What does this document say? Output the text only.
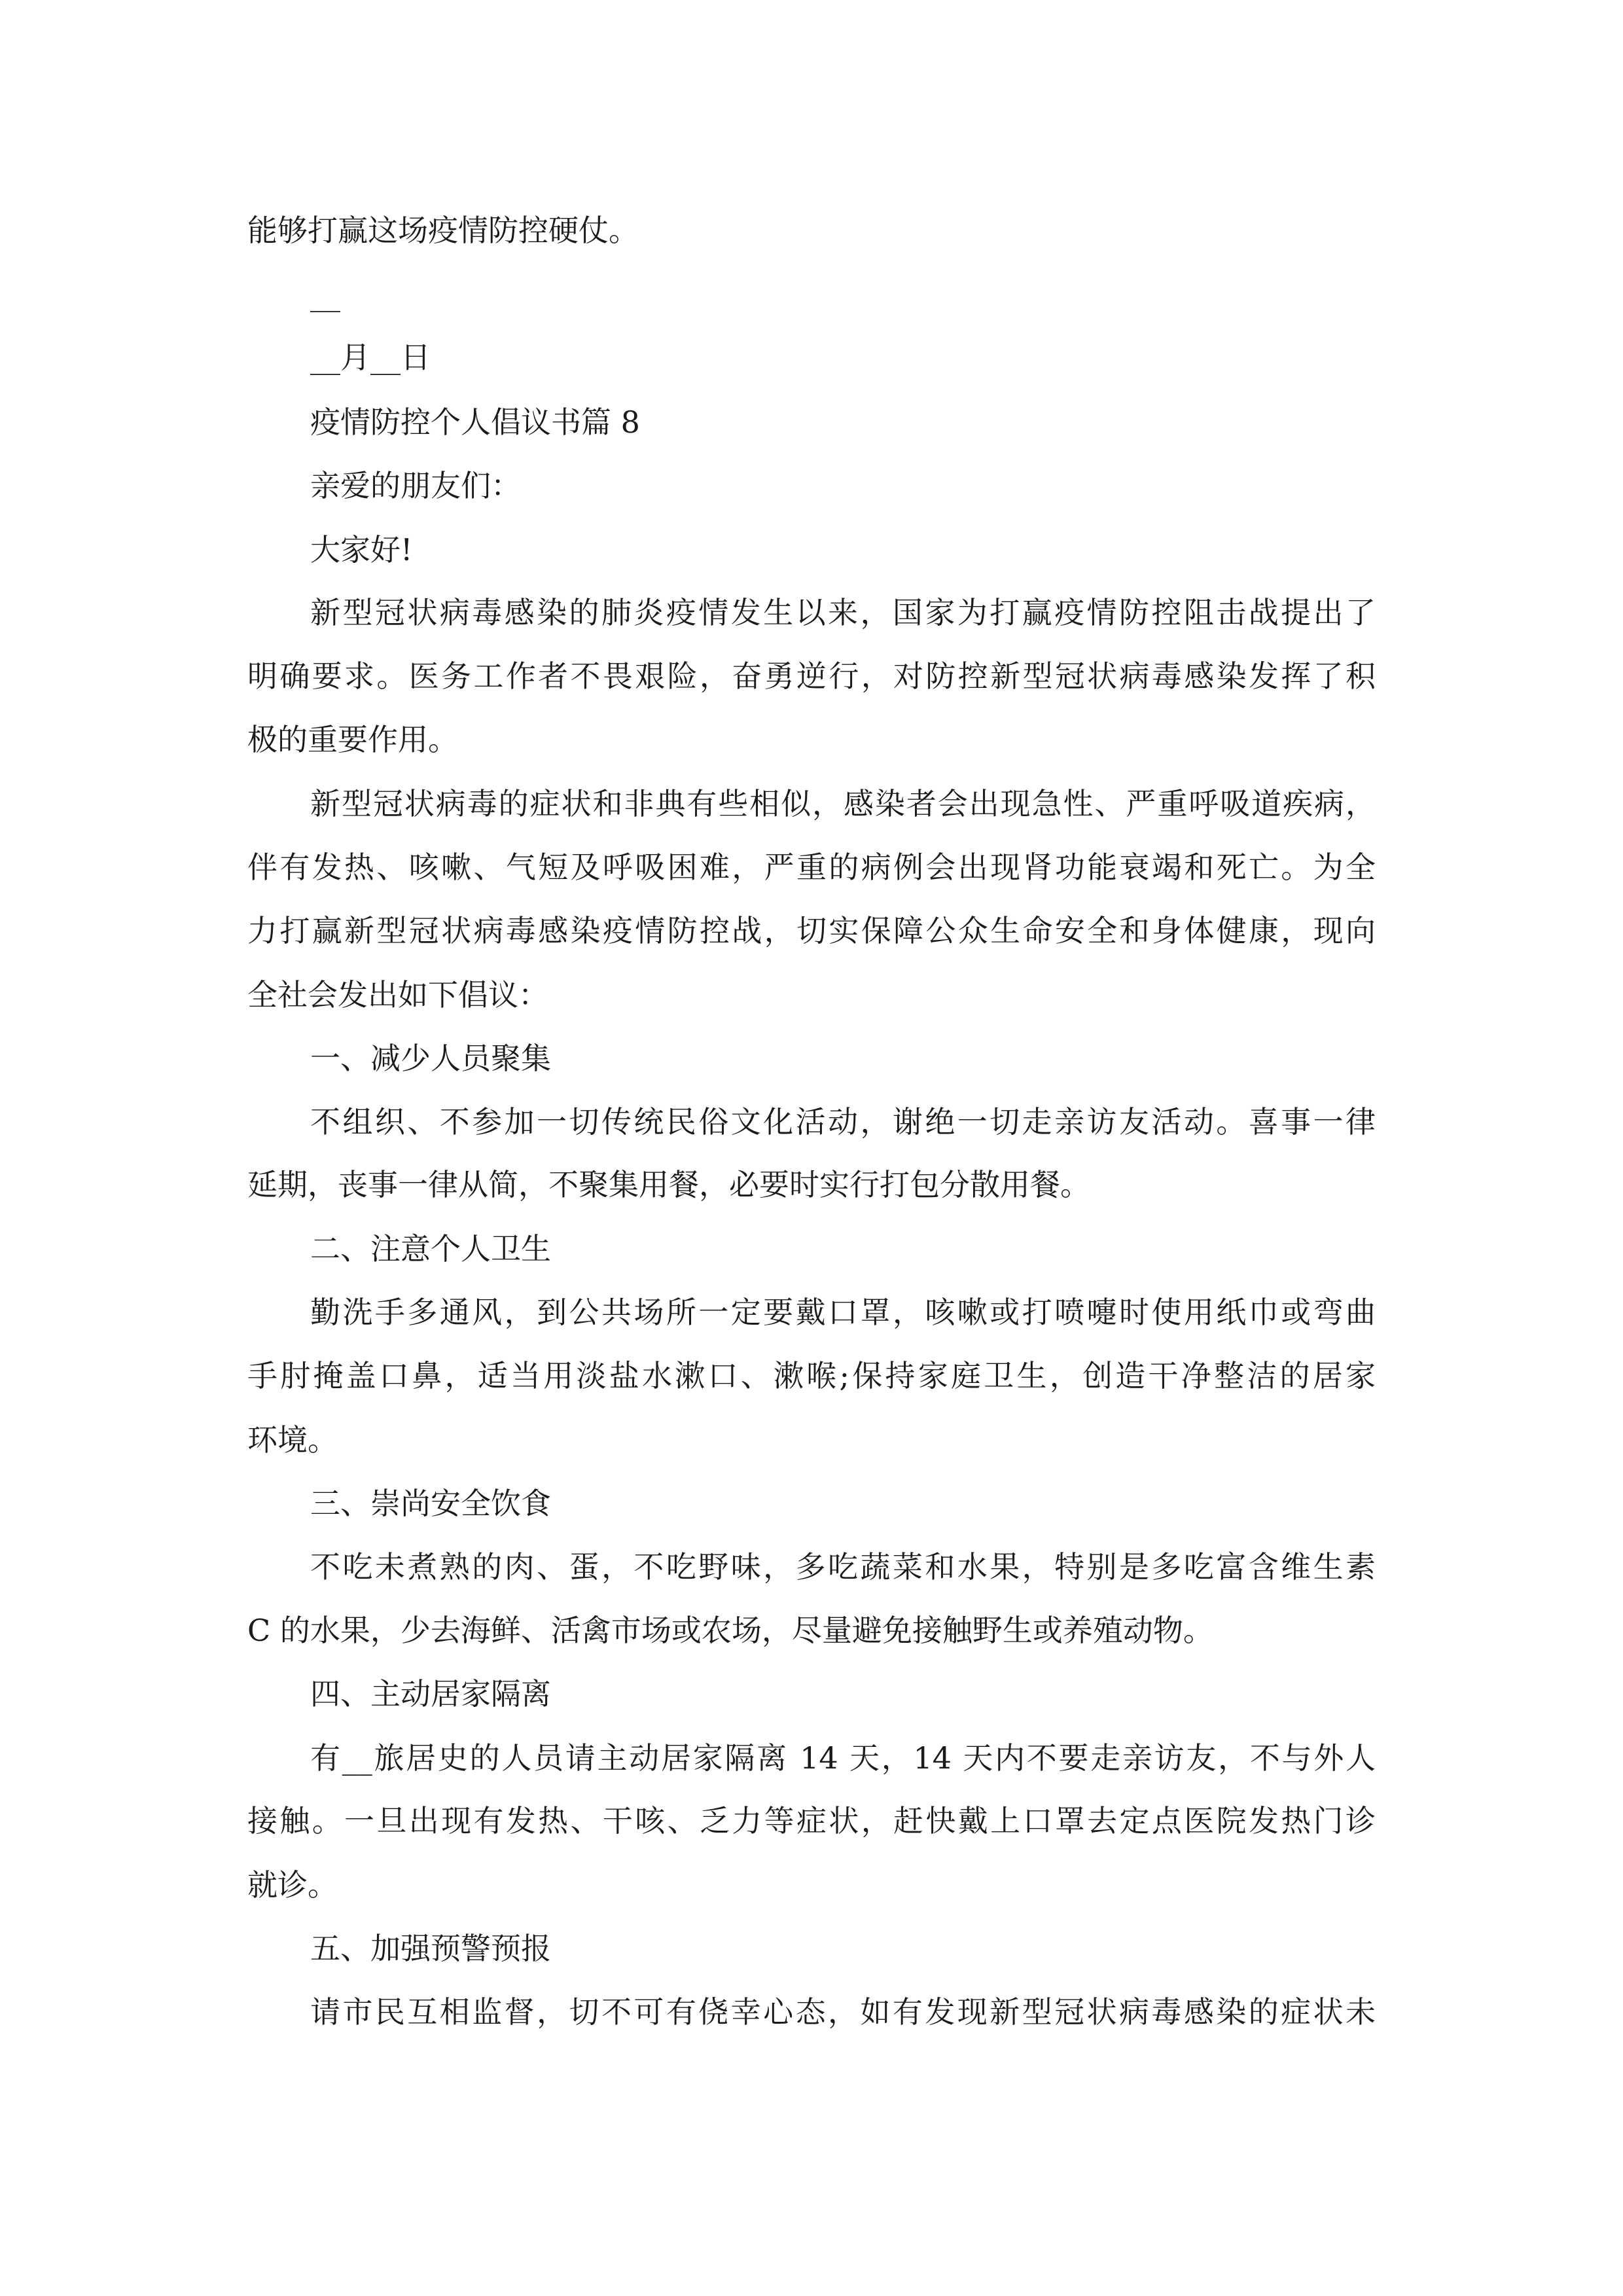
能够打赢这场疫情防控硬仗。

__

__月__日

疫情防控个人倡议书篇 8

亲爱的朋友们：

大家好!

新型冠状病毒感染的肺炎疫情发生以来，国家为打赢疫情防控阻击战提出了

明确要求。医务工作者不畏艰险，奋勇逆行，对防控新型冠状病毒感染发挥了积

极的重要作用。

新型冠状病毒的症状和非典有些相似，感染者会出现急性、严重呼吸道疾病，

伴有发热、咳嗽、气短及呼吸困难，严重的病例会出现肾功能衰竭和死亡。为全

力打赢新型冠状病毒感染疫情防控战，切实保障公众生命安全和身体健康，现向

全社会发出如下倡议：

一、减少人员聚集

不组织、不参加一切传统民俗文化活动，谢绝一切走亲访友活动。喜事一律

延期，丧事一律从简，不聚集用餐，必要时实行打包分散用餐。

二、注意个人卫生

勤洗手多通风，到公共场所一定要戴口罩，咳嗽或打喷嚏时使用纸巾或弯曲

手肘掩盖口鼻，适当用淡盐水漱口、漱喉;保持家庭卫生，创造干净整洁的居家

环境。

三、崇尚安全饮食

不吃未煮熟的肉、蛋，不吃野味，多吃蔬菜和水果，特别是多吃富含维生素

C 的水果，少去海鲜、活禽市场或农场，尽量避免接触野生或养殖动物。

四、主动居家隔离

有__旅居史的人员请主动居家隔离 14 天，14 天内不要走亲访友，不与外人

接触。一旦出现有发热、干咳、乏力等症状，赶快戴上口罩去定点医院发热门诊

就诊。

五、加强预警预报

请市民互相监督，切不可有侥幸心态，如有发现新型冠状病毒感染的症状未
